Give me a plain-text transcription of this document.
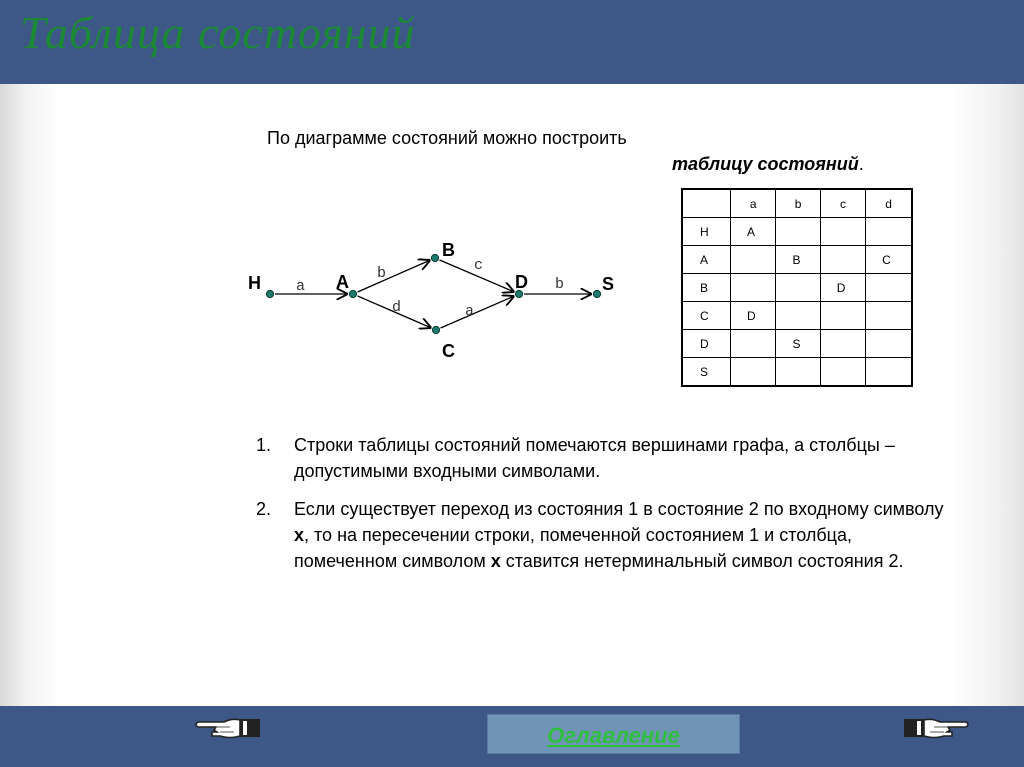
Таблица состояний
По диаграмме состояний можно построить
таблицу состояний.
a
b
d
c
a
b
H	A
B
C
D	S
	a	b	c	d
H	A			
A		B		C
B			D	
C	D			
D		S		
S				
1. Строки таблицы состояний помечаются вершинами графа, а столбцы –допустимыми входными символами.
2. Если существует переход из состояния 1 в состояние 2 по входному символу x, то на пересечении строки, помеченной состоянием 1 и столбца, помеченном символом x ставится нетерминальный символ состояния 2.
Оглавление
